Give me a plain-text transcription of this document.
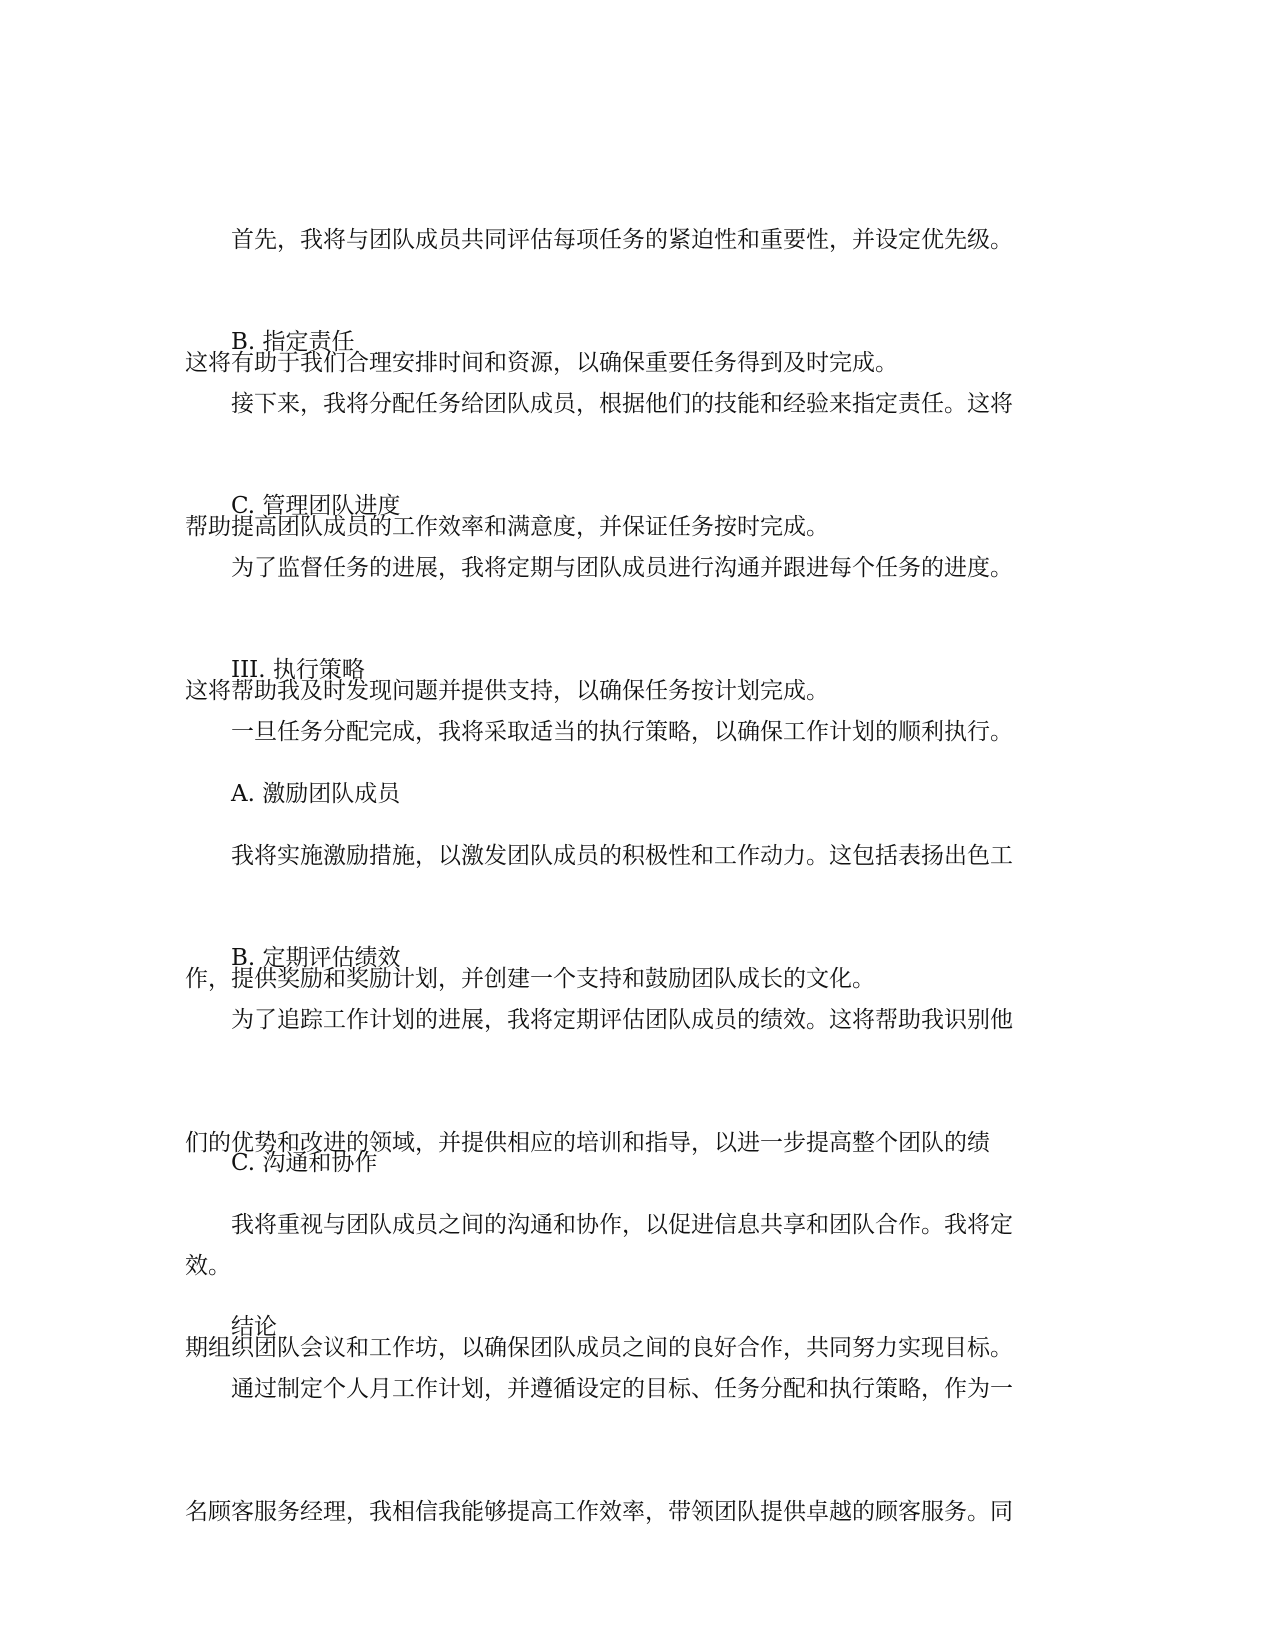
首先，我将与团队成员共同评估每项任务的紧迫性和重要性，并设定优先级。

这将有助于我们合理安排时间和资源，以确保重要任务得到及时完成。

B. 指定责任

接下来，我将分配任务给团队成员，根据他们的技能和经验来指定责任。这将

帮助提高团队成员的工作效率和满意度，并保证任务按时完成。

C. 管理团队进度

为了监督任务的进展，我将定期与团队成员进行沟通并跟进每个任务的进度。

这将帮助我及时发现问题并提供支持，以确保任务按计划完成。

III. 执行策略

一旦任务分配完成，我将采取适当的执行策略，以确保工作计划的顺利执行。

A. 激励团队成员

我将实施激励措施，以激发团队成员的积极性和工作动力。这包括表扬出色工

作，提供奖励和奖励计划，并创建一个支持和鼓励团队成长的文化。

B. 定期评估绩效

为了追踪工作计划的进展，我将定期评估团队成员的绩效。这将帮助我识别他

们的优势和改进的领域，并提供相应的培训和指导，以进一步提高整个团队的绩

效。

C. 沟通和协作

我将重视与团队成员之间的沟通和协作，以促进信息共享和团队合作。我将定

期组织团队会议和工作坊，以确保团队成员之间的良好合作，共同努力实现目标。

结论

通过制定个人月工作计划，并遵循设定的目标、任务分配和执行策略，作为一

名顾客服务经理，我相信我能够提高工作效率，带领团队提供卓越的顾客服务。同
